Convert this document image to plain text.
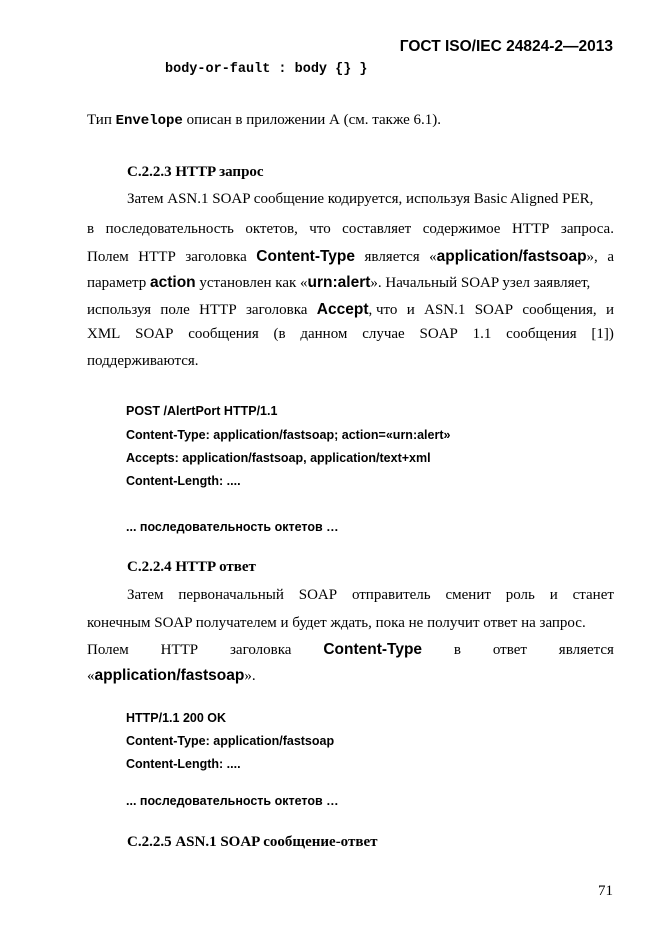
ГОСТ ISO/IEC 24824-2—2013
body-or-fault : body {} }
Тип Envelope описан в приложении А (см. также 6.1).
С.2.2.3 HTTP запрос
Затем ASN.1 SOAP сообщение кодируется, используя Basic Aligned PER,
в последовательность октетов, что составляет содержимое HTTP запроса.
Полем HTTP заголовка Content-Type является «application/fastsoap», а
параметр action установлен как «urn:alert». Начальный SOAP узел заявляет,
используя поле HTTP заголовка Accept, что и ASN.1 SOAP сообщения, и
XML SOAP сообщения (в данном случае SOAP 1.1 сообщения [1])
поддерживаются.
POST /AlertPort HTTP/1.1
Content-Type: application/fastsoap; action=«urn:alert»
Accepts: application/fastsoap, application/text+xml
Content-Length: ....
... последовательность октетов …
С.2.2.4 HTTP ответ
Затем первоначальный SOAP отправитель сменит роль и станет
конечным SOAP получателем и будет ждать, пока не получит ответ на запрос.
Полем HTTP заголовка Content-Type в ответ является
«application/fastsoap».
HTTP/1.1 200 OK
Content-Type: application/fastsoap
Content-Length: ....
... последовательность октетов …
С.2.2.5 ASN.1 SOAP сообщение-ответ
71
